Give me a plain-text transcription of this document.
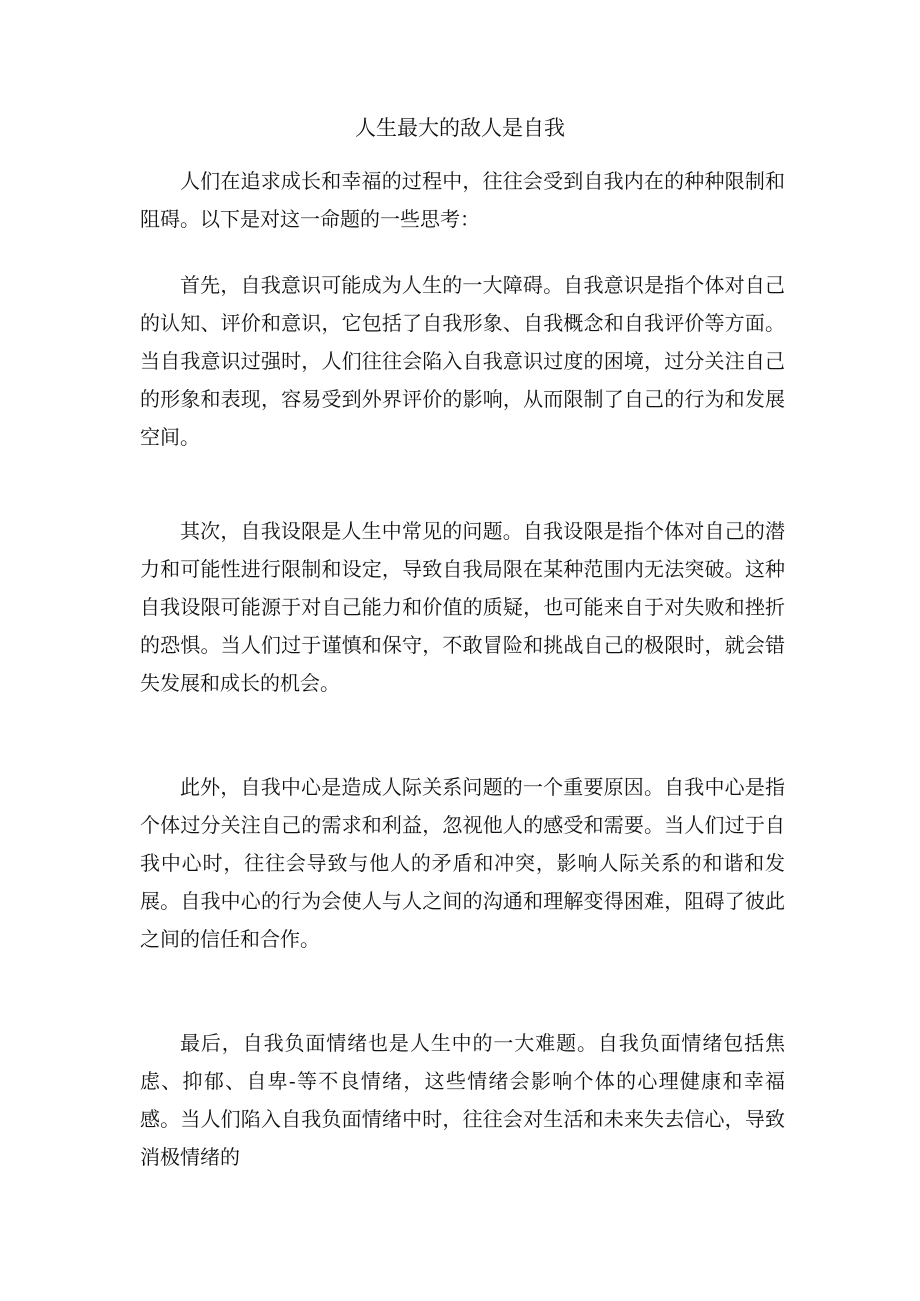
人生最大的敌人是自我

人们在追求成长和幸福的过程中，往往会受到自我内在的种种限制和阻碍。以下是对这一命题的一些思考：

首先，自我意识可能成为人生的一大障碍。自我意识是指个体对自己的认知、评价和意识，它包括了自我形象、自我概念和自我评价等方面。当自我意识过强时，人们往往会陷入自我意识过度的困境，过分关注自己的形象和表现，容易受到外界评价的影响，从而限制了自己的行为和发展空间。

其次，自我设限是人生中常见的问题。自我设限是指个体对自己的潜力和可能性进行限制和设定，导致自我局限在某种范围内无法突破。这种自我设限可能源于对自己能力和价值的质疑，也可能来自于对失败和挫折的恐惧。当人们过于谨慎和保守，不敢冒险和挑战自己的极限时，就会错失发展和成长的机会。

此外，自我中心是造成人际关系问题的一个重要原因。自我中心是指个体过分关注自己的需求和利益，忽视他人的感受和需要。当人们过于自我中心时，往往会导致与他人的矛盾和冲突，影响人际关系的和谐和发展。自我中心的行为会使人与人之间的沟通和理解变得困难，阻碍了彼此之间的信任和合作。

最后，自我负面情绪也是人生中的一大难题。自我负面情绪包括焦虑、抑郁、自卑-等不良情绪，这些情绪会影响个体的心理健康和幸福感。当人们陷入自我负面情绪中时，往往会对生活和未来失去信心，导致消极情绪的
